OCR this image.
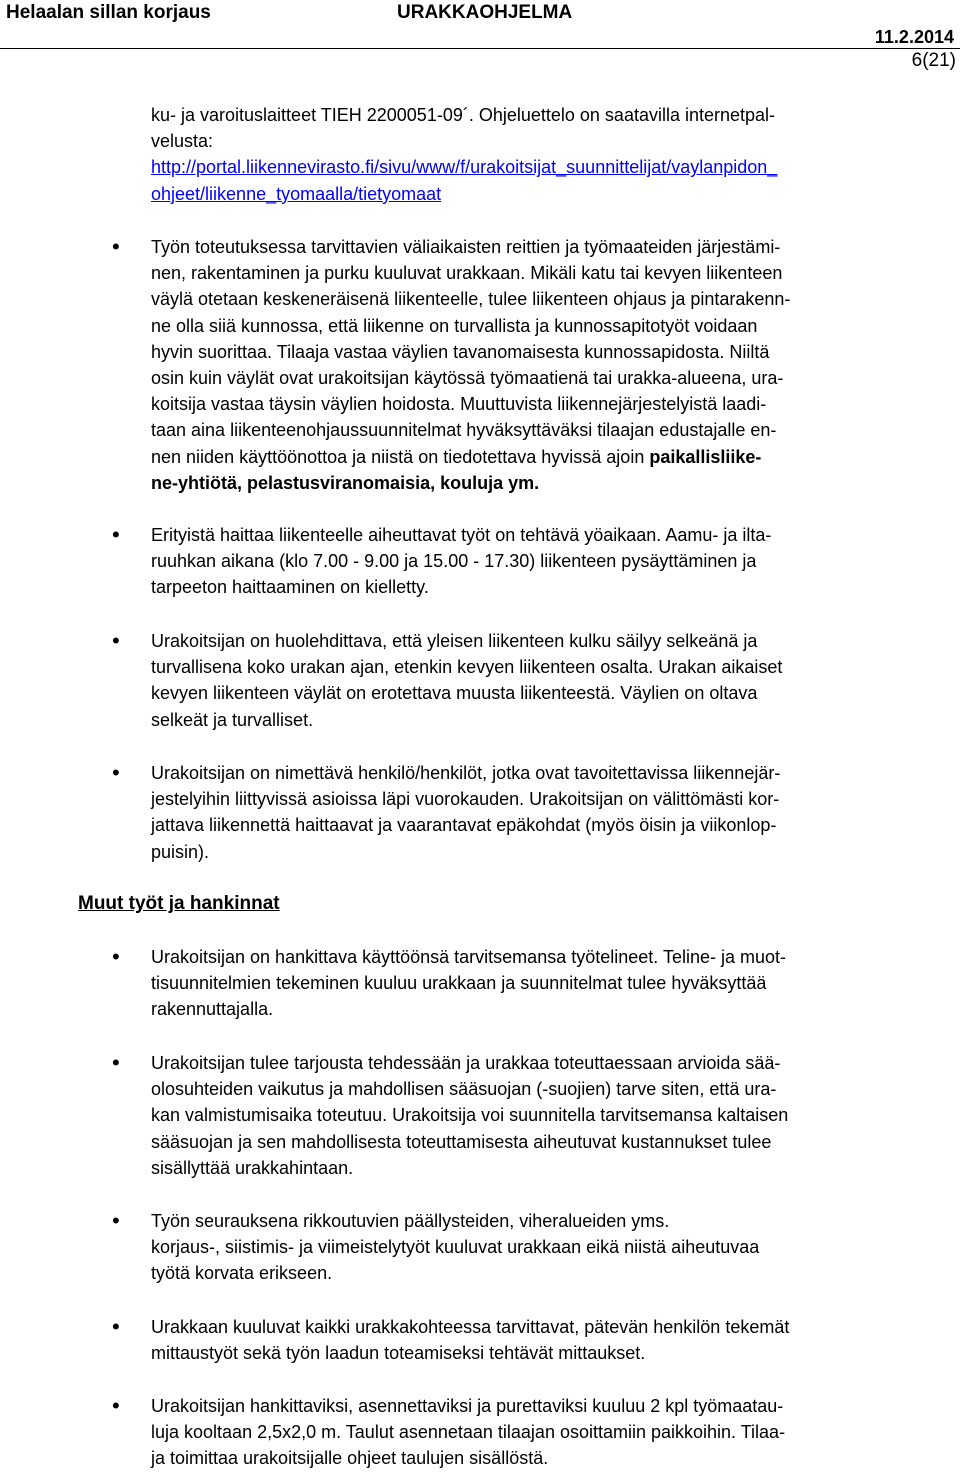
Helaalan sillan korjaus	URAKKAOHJELMA
11.2.2014
6(21)
ku- ja varoituslaitteet TIEH 2200051-09´. Ohjeluettelo on saatavilla internetpal-
velusta:
http://portal.liikennevirasto.fi/sivu/www/f/urakoitsijat_suunnittelijat/vaylanpidon_
ohjeet/liikenne_tyomaalla/tietyomaat
• Työn toteutuksessa tarvittavien väliaikaisten reittien ja työmaateiden järjestämi-
nen, rakentaminen ja purku kuuluvat urakkaan. Mikäli katu tai kevyen liikenteen
väylä otetaan keskeneräisenä liikenteelle, tulee liikenteen ohjaus ja pintarakenn-
ne olla siiä kunnossa, että liikenne on turvallista ja kunnossapitotyöt voidaan
hyvin suorittaa. Tilaaja vastaa väylien tavanomaisesta kunnossapidosta. Niiltä
osin kuin väylät ovat urakoitsijan käytössä työmaatienä tai urakka-alueena, ura-
koitsija vastaa täysin väylien hoidosta. Muuttuvista liikennejärjestelyistä laadi-
taan aina liikenteenohjaussuunnitelmat hyväksyttäväksi tilaajan edustajalle en-
nen niiden käyttöönottoa ja niistä on tiedotettava hyvissä ajoin paikallisliike-
ne-yhtiötä, pelastusviranomaisia, kouluja ym.
• Erityistä haittaa liikenteelle aiheuttavat työt on tehtävä yöaikaan. Aamu- ja ilta-
ruuhkan aikana (klo 7.00 - 9.00 ja 15.00 - 17.30) liikenteen pysäyttäminen ja
tarpeeton haittaaminen on kielletty.
• Urakoitsijan on huolehdittava, että yleisen liikenteen kulku säilyy selkeänä ja
turvallisena koko urakan ajan, etenkin kevyen liikenteen osalta. Urakan aikaiset
kevyen liikenteen väylät on erotettava muusta liikenteestä. Väylien on oltava
selkeät ja turvalliset.
• Urakoitsijan on nimettävä henkilö/henkilöt, jotka ovat tavoitettavissa liikennejär-
jestelyihin liittyvissä asioissa läpi vuorokauden. Urakoitsijan on välittömästi kor-
jattava liikennettä haittaavat ja vaarantavat epäkohdat (myös öisin ja viikonlop-
puisin).
Muut työt ja hankinnat
• Urakoitsijan on hankittava käyttöönsä tarvitsemansa työtelineet. Teline- ja muot-
tisuunnitelmien tekeminen kuuluu urakkaan ja suunnitelmat tulee hyväksyttää
rakennuttajalla.
• Urakoitsijan tulee tarjousta tehdessään ja urakkaa toteuttaessaan arvioida sää-
olosuhteiden vaikutus ja mahdollisen sääsuojan (-suojien) tarve siten, että ura-
kan valmistumisaika toteutuu. Urakoitsija voi suunnitella tarvitsemansa kaltaisen
sääsuojan ja sen mahdollisesta toteuttamisesta aiheutuvat kustannukset tulee
sisällyttää urakkahintaan.
• Työn seurauksena rikkoutuvien päällysteiden, viheralueiden yms.
korjaus-, siistimis- ja viimeistelytyöt kuuluvat urakkaan eikä niistä aiheutuvaa
työtä korvata erikseen.
• Urakkaan kuuluvat kaikki urakkakohteessa tarvittavat, pätevän henkilön tekemät
mittaustyöt sekä työn laadun toteamiseksi tehtävät mittaukset.
• Urakoitsijan hankittaviksi, asennettaviksi ja purettaviksi kuuluu 2 kpl työmaatau-
luja kooltaan 2,5x2,0 m. Taulut asennetaan tilaajan osoittamiin paikkoihin. Tilaa-
ja toimittaa urakoitsijalle ohjeet taulujen sisällöstä.
